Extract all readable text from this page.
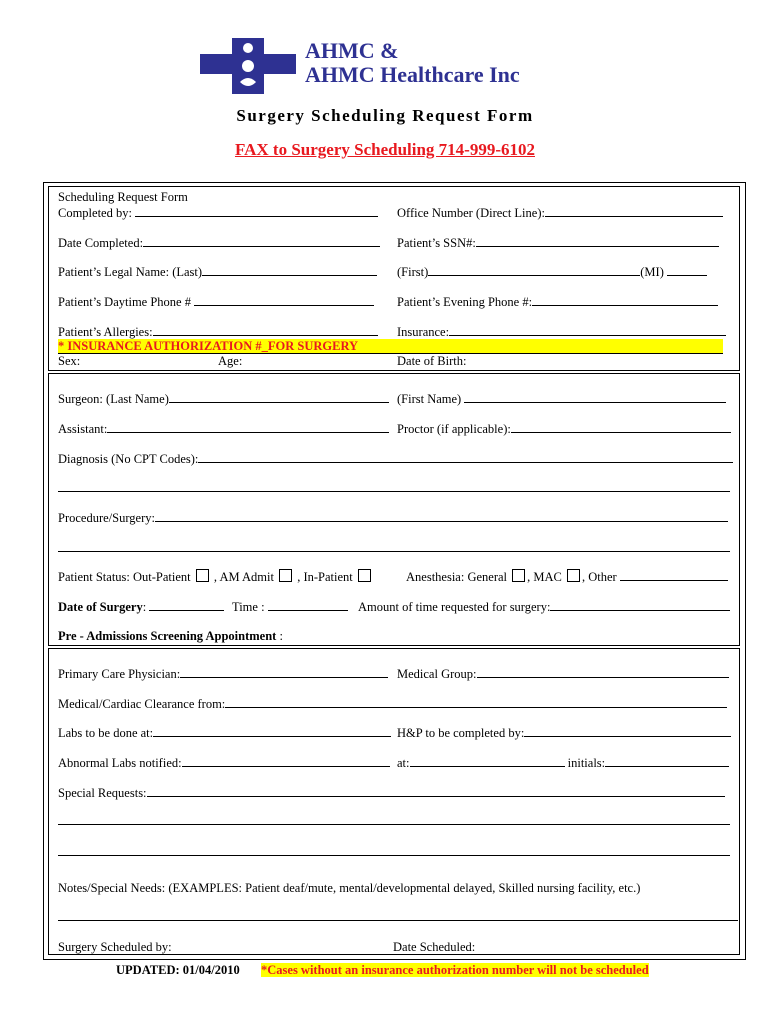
AHMC &
AHMC Healthcare Inc
Surgery Scheduling Request Form
FAX to Surgery Scheduling 714-999-6102
Scheduling Request Form
Completed by:	Office Number (Direct Line):
Date Completed:	Patient’s SSN#:
Patient’s Legal Name: (Last)	(First)	(MI)
Patient’s Daytime Phone #	Patient’s Evening Phone #:
Patient’s Allergies:	Insurance:
* INSURANCE AUTHORIZATION #_FOR SURGERY
Sex:	Age:	Date of Birth:
Surgeon: (Last Name)	(First Name)
Assistant:	Proctor (if applicable):
Diagnosis (No CPT Codes):
Procedure/Surgery:
Patient Status: Out-Patient , AM Admit , In-Patient	Anesthesia: General , MAC , Other
Date of Surgery:	Time :	Amount of time requested for surgery:
Pre - Admissions Screening Appointment :
Primary Care Physician:	Medical Group:
Medical/Cardiac Clearance from:
Labs to be done at:	H&P to be completed by:
Abnormal Labs notified:	at:	initials:
Special Requests:
Notes/Special Needs: (EXAMPLES: Patient deaf/mute, mental/developmental delayed, Skilled nursing facility, etc.)
Surgery Scheduled by:	Date Scheduled:
UPDATED: 01/04/2010 *Cases without an insurance authorization number will not be scheduled
